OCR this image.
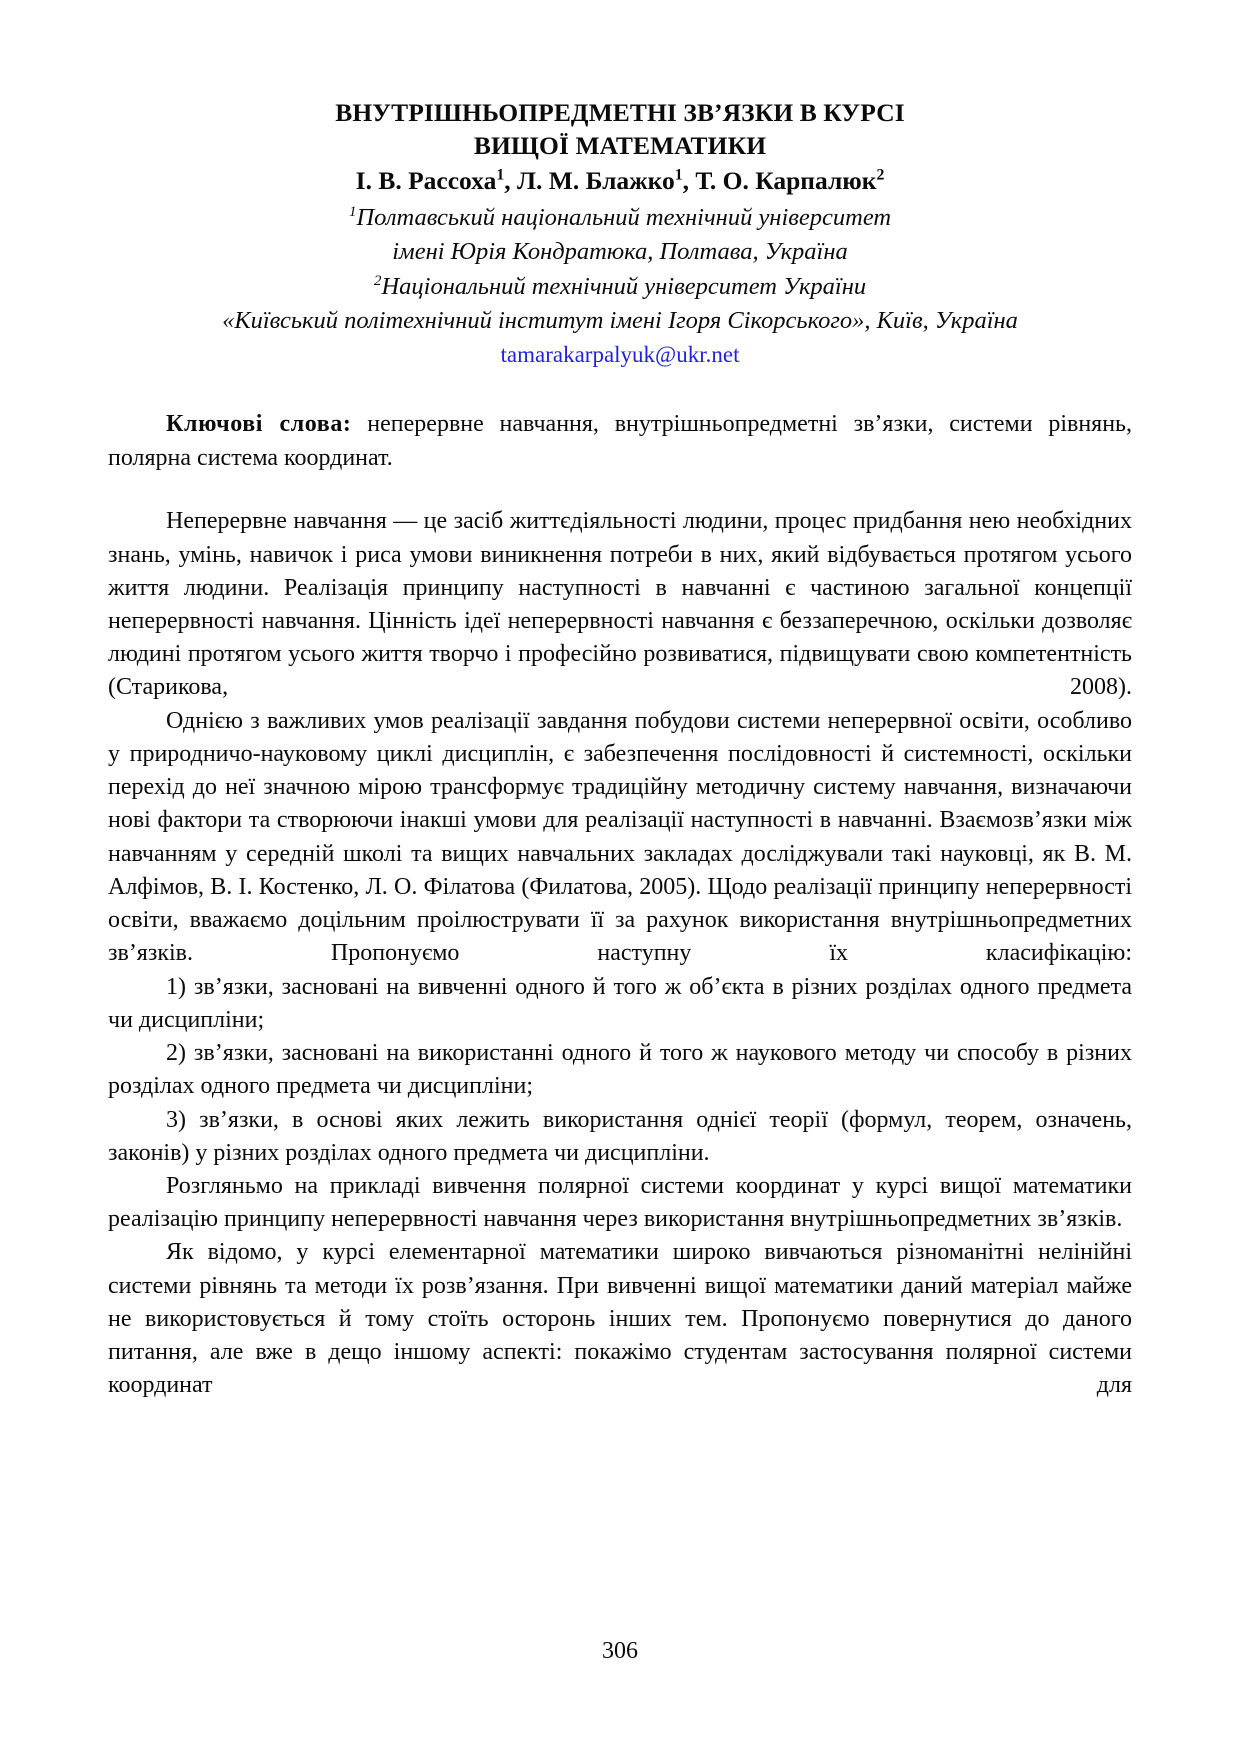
ВНУТРІШНЬОПРЕДМЕТНІ ЗВ’ЯЗКИ В КУРСІ
ВИЩОЇ МАТЕМАТИКИ
І. В. Рассоха$^1$, Л. М. Блажко$^1$, Т. О. Карпалюк$^2$
$^1$Полтавський національний технічний університет
імені Юрія Кондратюка, Полтава, Україна
$^2$Національний технічний університет України
«Київський політехнічний інститут імені Ігоря Сікорського», Київ, Україна
tamarakarpalyuk@ukr.net
Ключові слова: неперервне навчання, внутрішньопредметні зв’язки, системи рівнянь, полярна система координат.

Неперервне навчання — це засіб життєдіяльності людини, процес придбання нею необхідних знань, умінь, навичок і риса умови виникнення потреби в них, який відбувається протягом усього життя людини. Реалізація принципу наступності в навчанні є частиною загальної концепції неперервності навчання. Цінність ідеї неперервності навчання є беззаперечною, оскільки дозволяє людині протягом усього життя творчо і професійно розвиватися, підвищувати свою компетентність (Старикова, 2008).

Однією з важливих умов реалізації завдання побудови системи неперервної освіти, особливо у природничо-науковому циклі дисциплін, є забезпечення послідовності й системності, оскільки перехід до неї значною мірою трансформує традиційну методичну систему навчання, визначаючи нові фактори та створюючи інакші умови для реалізації наступності в навчанні. Взаємозв’язки між навчанням у середній школі та вищих навчальних закладах досліджували такі науковці, як В. М. Алфімов, В. І. Костенко, Л. О. Філатова (Филатова, 2005). Щодо реалізації принципу неперервності освіти, вважаємо доцільним проілюструвати її за рахунок використання внутрішньопредметних зв’язків. Пропонуємо наступну їх класифікацію:

1) зв’язки, засновані на вивченні одного й того ж об’єкта в різних розділах одного предмета чи дисципліни;

2) зв’язки, засновані на використанні одного й того ж наукового методу чи способу в різних розділах одного предмета чи дисципліни;

3) зв’язки, в основі яких лежить використання однієї теорії (формул, теорем, означень, законів) у різних розділах одного предмета чи дисципліни.

Розгляньмо на прикладі вивчення полярної системи координат у курсі вищої математики реалізацію принципу неперервності навчання через використання внутрішньопредметних зв’язків.

Як відомо, у курсі елементарної математики широко вивчаються різноманітні нелінійні системи рівнянь та методи їх розв’язання. При вивченні вищої математики даний матеріал майже не використовується й тому стоїть осторонь інших тем. Пропонуємо повернутися до даного питання, але вже в дещо іншому аспекті: покажімо студентам застосування полярної системи координат для

306
